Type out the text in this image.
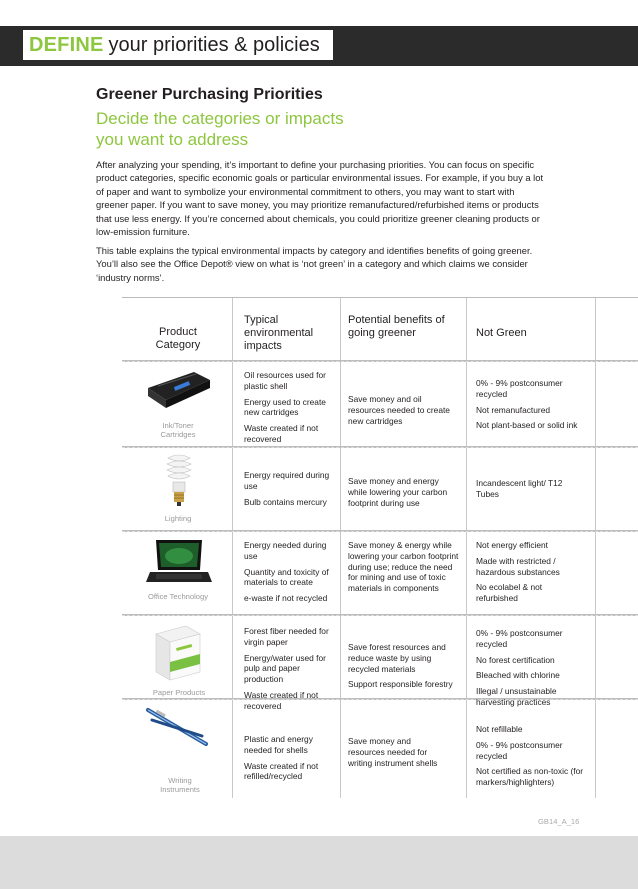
DEFINE your priorities & policies
Greener Purchasing Priorities
Decide the categories or impacts
you want to address
After analyzing your spending, it’s important to define your purchasing priorities. You can focus on specific product categories, specific economic goals or particular environmental issues. For example, if you buy a lot of paper and want to symbolize your environmental commitment to others, you may want to start with greener paper. If you want to save money, you may prioritize remanufactured/refurbished items or products that use less energy. If you’re concerned about chemicals, you could prioritize greener cleaning products or low-emission furniture.
This table explains the typical environmental impacts by category and identifies benefits of going greener. You’ll also see the Office Depot® view on what is ‘not green’ in a category and which claims we consider ‘industry norms’.
Product Category
Typical environmental impacts
Potential benefits of going greener	Not Green
Ink/Toner Cartridges

Oil resources used for plastic shell

Energy used to create new cartridges

Waste created if not recovered

Save money and oil resources needed to create new cartridges

0% - 9% postconsumer recycled

Not remanufactured

Not plant-based or solid ink

Lighting

Energy required during use

Bulb contains mercury

Save money and energy while lowering your carbon footprint during use

Incandescent light/ T12 Tubes

Office Technology

Energy needed during use

Quantity and toxicity of materials to create

e-waste if not recycled

Save money & energy while lowering your carbon footprint during use; reduce the need for mining and use of toxic materials in components

Not energy efficient

Made with restricted / hazardous substances

No ecolabel & not refurbished

Paper Products

Forest fiber needed for virgin paper

Energy/water used for pulp and paper production

Waste created if not recovered

Save forest resources and reduce waste by using recycled materials

Support responsible forestry

0% - 9% postconsumer recycled

No forest certification

Bleached with chlorine

Illegal / unsustainable harvesting practices

Writing Instruments

Plastic and energy needed for shells

Waste created if not refilled/recycled

Save money and resources needed for writing instrument shells

Not refillable

0% - 9% postconsumer recycled

Not certified as non-toxic (for markers/highlighters)

GB14_A_16
